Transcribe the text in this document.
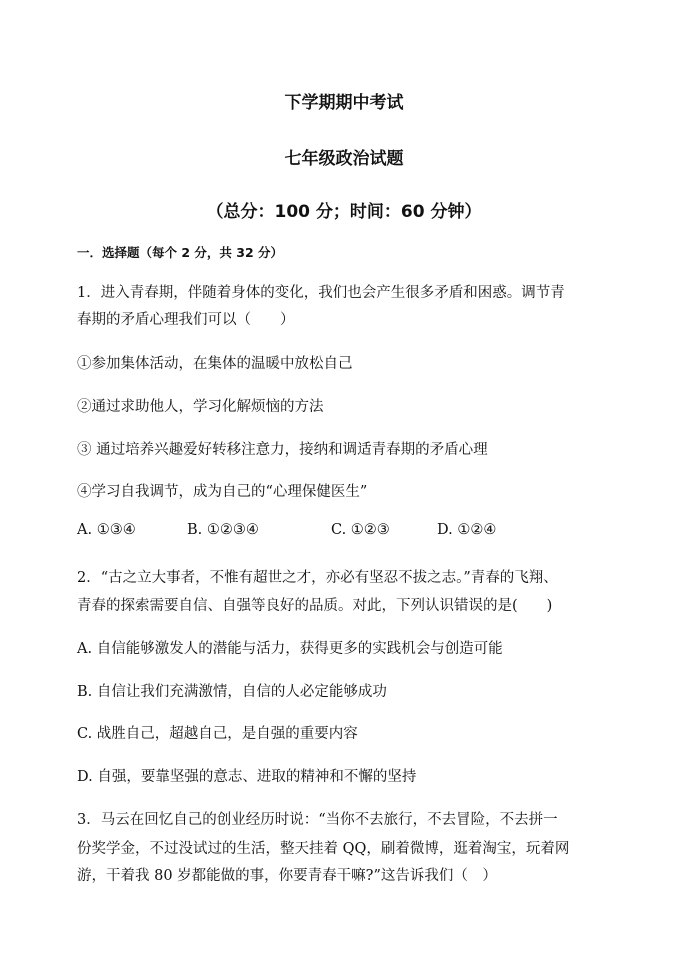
下学期期中考试
七年级政治试题
（总分：100 分；时间：60 分钟）
一．选择题（每个 2 分，共 32 分）
1．进入青春期，伴随着身体的变化，我们也会产生很多矛盾和困惑。调节青
春期的矛盾心理我们可以（　　）
①参加集体活动，在集体的温暖中放松自己
②通过求助他人，学习化解烦恼的方法
③ 通过培养兴趣爱好转移注意力，接纳和调适青春期的矛盾心理
④学习自我调节，成为自己的“心理保健医生”
A. ①③④	B. ①②③④	C. ①②③	D. ①②④
2．“古之立大事者，不惟有超世之才，亦必有坚忍不拔之志。”青春的飞翔、
青春的探索需要自信、自强等良好的品质。对此，下列认识错误的是(　　)
A. 自信能够激发人的潜能与活力，获得更多的实践机会与创造可能
B. 自信让我们充满激情，自信的人必定能够成功
C. 战胜自己，超越自己，是自强的重要内容
D. 自强，要靠坚强的意志、进取的精神和不懈的坚持
3．马云在回忆自己的创业经历时说：“当你不去旅行，不去冒险，不去拼一
份奖学金，不过没试过的生活，整天挂着 QQ，刷着微博，逛着淘宝，玩着网
游，干着我 80 岁都能做的事，你要青春干嘛?”这告诉我们（　）
